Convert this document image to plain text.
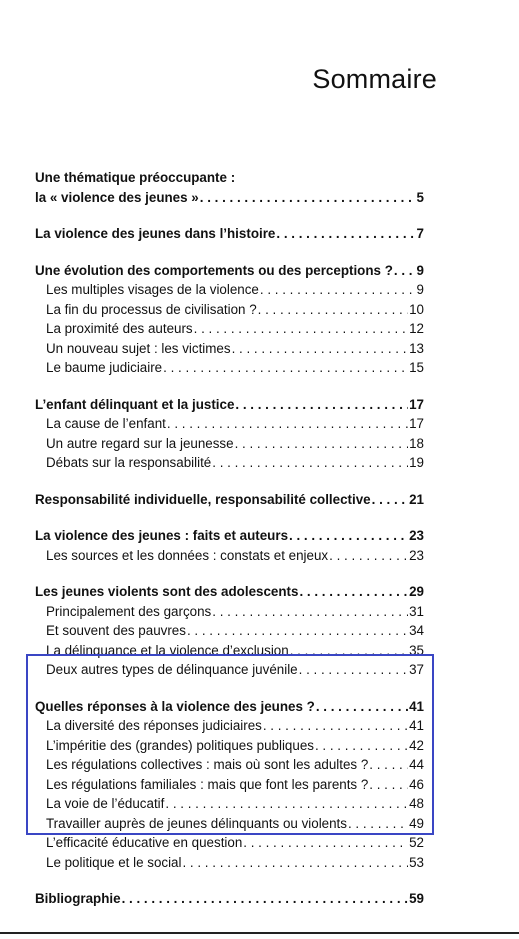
Sommaire
Une thématique préoccupante :
la « violence des jeunes » . . .	5
La violence des jeunes dans l’histoire . . .	7
Une évolution des comportements ou des perceptions ? . . . 9
Les multiples visages de la violence . . .	9
La fin du processus de civilisation ? . . .	10
La proximité des auteurs . . .	12
Un nouveau sujet : les victimes . . .	13
Le baume judiciaire . . .	15
L’enfant délinquant et la justice . . .	17
La cause de l’enfant . . .	17
Un autre regard sur la jeunesse . . .	18
Débats sur la responsabilité . . .	19
Responsabilité individuelle, responsabilité collective . . .	21
La violence des jeunes : faits et auteurs . . .	23
Les sources et les données : constats et enjeux . . .	23
Les jeunes violents sont des adolescents . . .	29
Principalement des garçons . . .	31
Et souvent des pauvres . . .	34
La délinquance et la violence d’exclusion . . .	35
Deux autres types de délinquance juvénile . . .	37
Quelles réponses à la violence des jeunes ? . . .	41
La diversité des réponses judiciaires . . .	41
L’impéritie des (grandes) politiques publiques . . .	42
Les régulations collectives : mais où sont les adultes ? . . .	44
Les régulations familiales : mais que font les parents ? . . .	46
La voie de l’éducatif . . .	48
Travailler auprès de jeunes délinquants ou violents . . .	49
L’efficacité éducative en question . . .	52
Le politique et le social . . .	53
Bibliographie . . .	59
